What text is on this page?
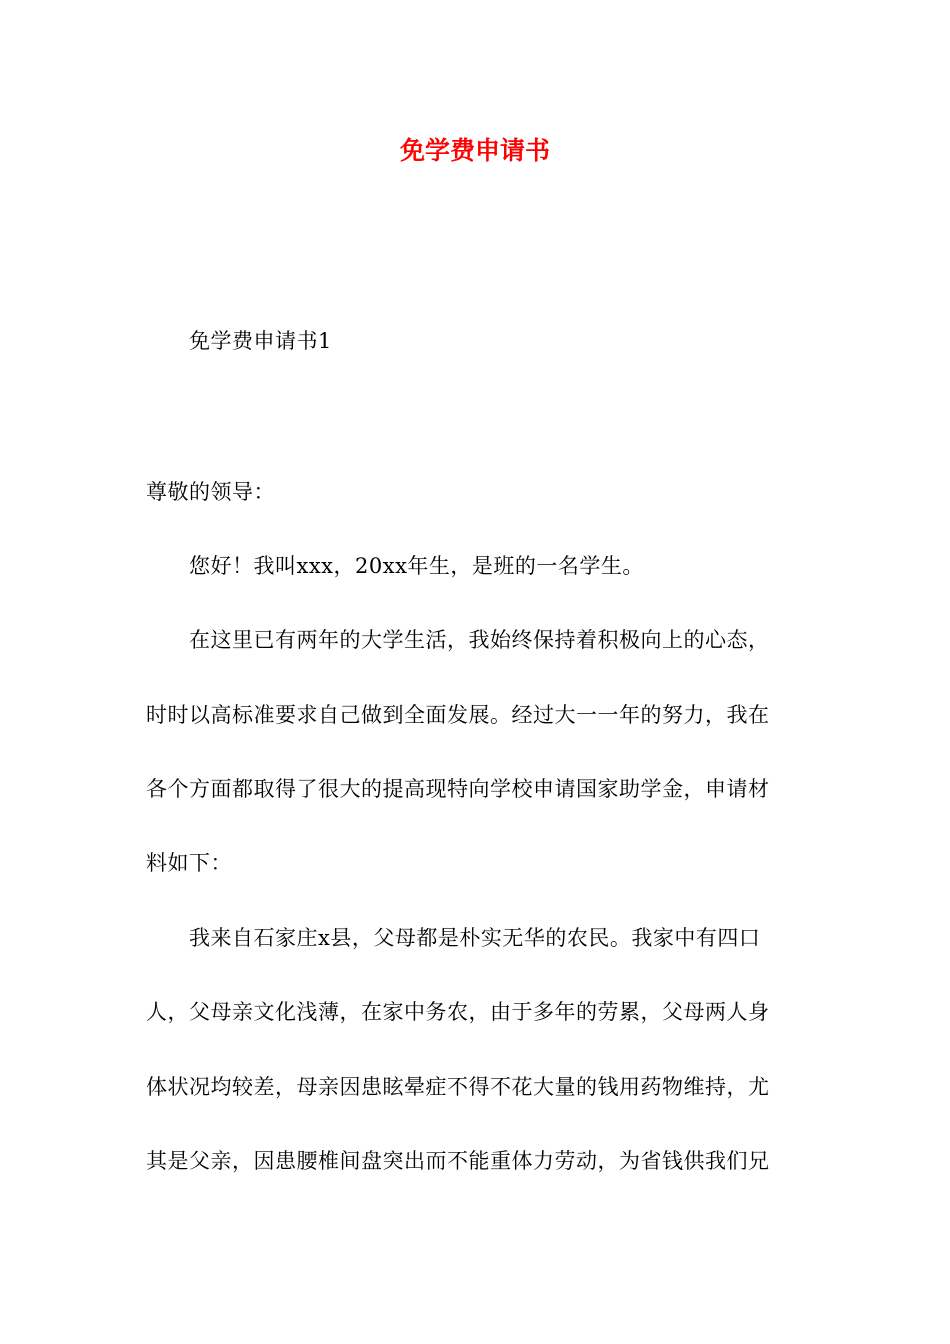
免学费申请书
免学费申请书1
尊敬的领导：
您好！我叫xxx，20xx年生，是班的一名学生。
在这里已有两年的大学生活，我始终保持着积极向上的心态，
时时以高标准要求自己做到全面发展。经过大一一年的努力，我在
各个方面都取得了很大的提高现特向学校申请国家助学金，申请材
料如下：
我来自石家庄x县，父母都是朴实无华的农民。我家中有四口
人，父母亲文化浅薄，在家中务农，由于多年的劳累，父母两人身
体状况均较差，母亲因患眩晕症不得不花大量的钱用药物维持，尤
其是父亲，因患腰椎间盘突出而不能重体力劳动，为省钱供我们兄
